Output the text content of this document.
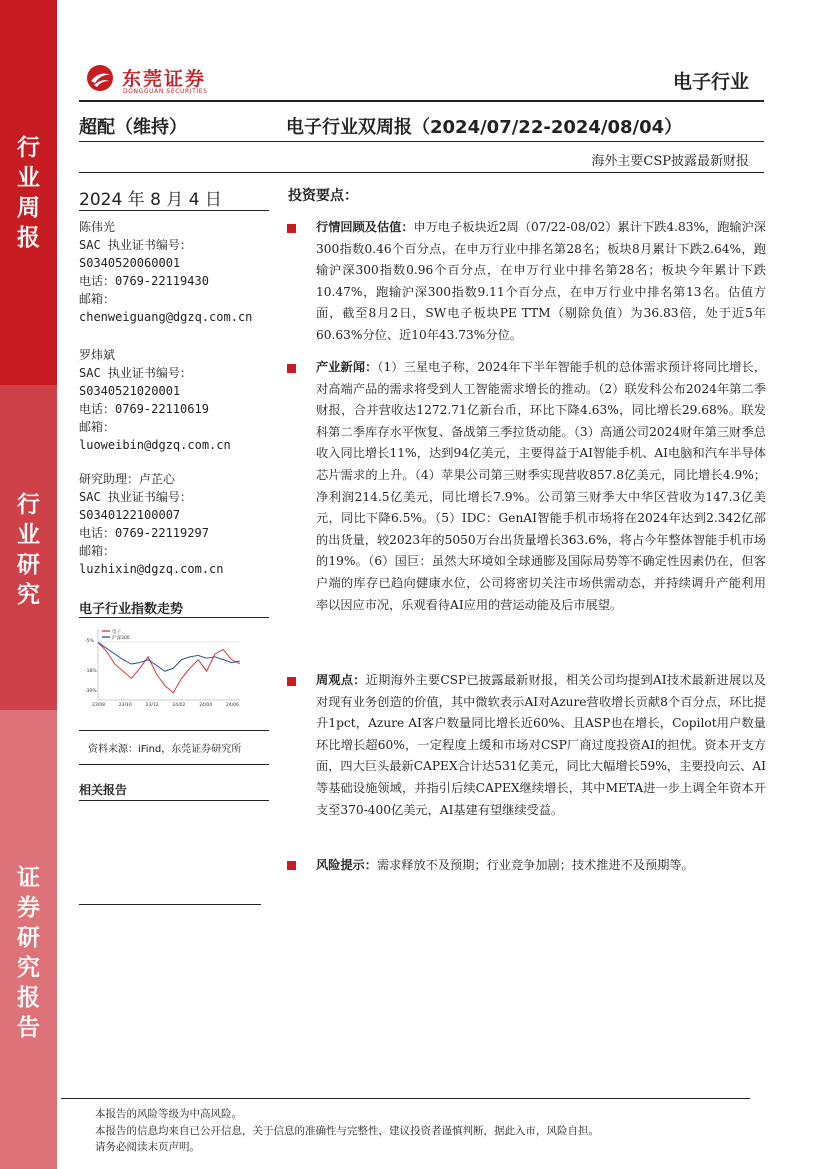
行
业
周
报
行
业
研
究
证
券
研
究
报
告
东莞证券
DONGGUAN SECURITIES	电子行业
超配（维持）	电子行业双周报（2024/07/22-2024/08/04）
海外主要CSP披露最新财报
2024 年 8 月 4 日
陈伟光
SAC 执业证书编号：
S0340520060001
电话：0769-22119430
邮箱：
chenweiguang@dgzq.com.cn
罗炜斌
SAC 执业证书编号：
S0340521020001
电话：0769-22110619
邮箱：
luoweibin@dgzq.com.cn
研究助理：卢芷心
SAC 执业证书编号：
S0340122100007
电话：0769-22119297
邮箱：
luzhixin@dgzq.com.cn
电子行业指数走势
电子
沪深300
-5%
-18%
-30%
23/08	23/10	23/12	24/02	24/04	24/06
资料来源：iFind，东莞证券研究所
相关报告
投资要点：
行情回顾及估值：申万电子板块近2周（07/22-08/02）累计下跌4.83%，跑输沪深300指数0.46个百分点，在申万行业中排名第28名；板块8月累计下跌2.64%，跑输沪深300指数0.96个百分点，在申万行业中排名第28名；板块今年累计下跌10.47%，跑输沪深300指数9.11个百分点，在申万行业中排名第13名。估值方面，截至8月2日，SW电子板块PE TTM（剔除负值）为36.83倍，处于近5年60.63%分位、近10年43.73%分位。
产业新闻：（1）三星电子称，2024年下半年智能手机的总体需求预计将同比增长，对高端产品的需求将受到人工智能需求增长的推动。（2）联发科公布2024年第二季财报，合并营收达1272.71亿新台币，环比下降4.63%，同比增长29.68%。联发科第二季库存水平恢复、备战第三季拉货动能。（3）高通公司2024财年第三财季总收入同比增长11%，达到94亿美元，主要得益于AI智能手机、AI电脑和汽车半导体芯片需求的上升。（4）苹果公司第三财季实现营收857.8亿美元，同比增长4.9%；净利润214.5亿美元，同比增长7.9%。公司第三财季大中华区营收为147.3亿美元，同比下降6.5%。（5）IDC：GenAI智能手机市场将在2024年达到2.342亿部的出货量，较2023年的5050万台出货量增长363.6%，将占今年整体智能手机市场的19%。（6）国巨：虽然大环境如全球通膨及国际局势等不确定性因素仍在，但客户端的库存已趋向健康水位，公司将密切关注市场供需动态，并持续调升产能利用率以因应市况，乐观看待AI应用的营运动能及后市展望。
周观点：近期海外主要CSP已披露最新财报，相关公司均提到AI技术最新进展以及对现有业务创造的价值，其中微软表示AI对Azure营收增长贡献8个百分点，环比提升1pct，Azure AI客户数量同比增长近60%、且ASP也在增长，Copilot用户数量环比增长超60%，一定程度上缓和市场对CSP厂商过度投资AI的担忧。资本开支方面，四大巨头最新CAPEX合计达531亿美元，同比大幅增长59%，主要投向云、AI等基础设施领域，并指引后续CAPEX继续增长，其中META进一步上调全年资本开支至370-400亿美元，AI基建有望继续受益。
风险提示：需求释放不及预期；行业竞争加剧；技术推进不及预期等。
本报告的风险等级为中高风险。
本报告的信息均来自已公开信息，关于信息的准确性与完整性，建议投资者谨慎判断，据此入市，风险自担。
请务必阅读末页声明。
